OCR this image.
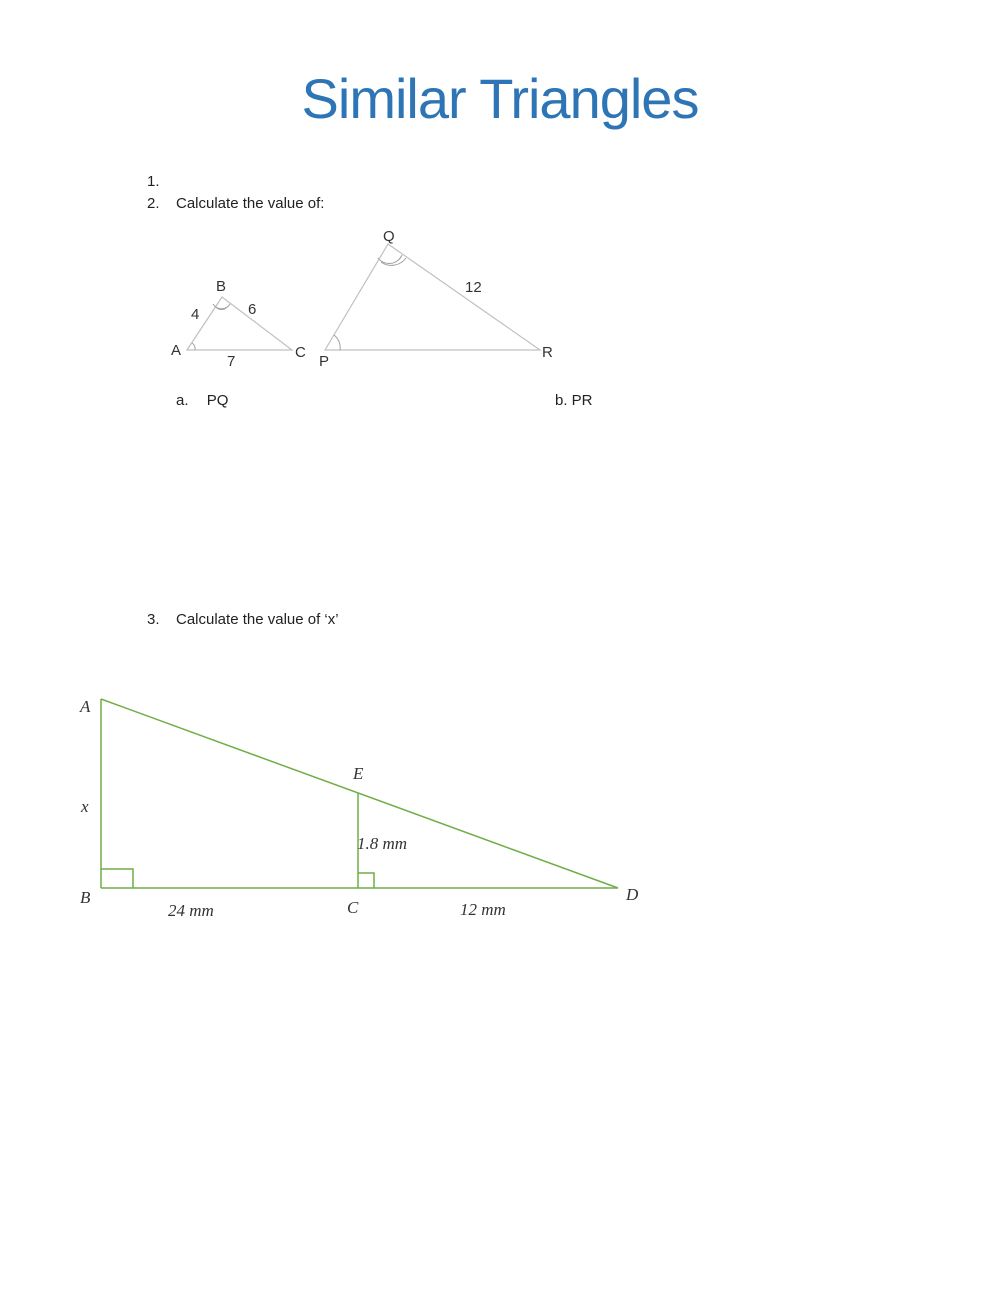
Similar Triangles
1.
2. Calculate the value of:
A
B
C
4	6
7	P
Q
R
12
a. PQ	b. PR
3. Calculate the value of ‘x’
A
B
C
D
E
x
1.8 mm
24 mm	12 mm
